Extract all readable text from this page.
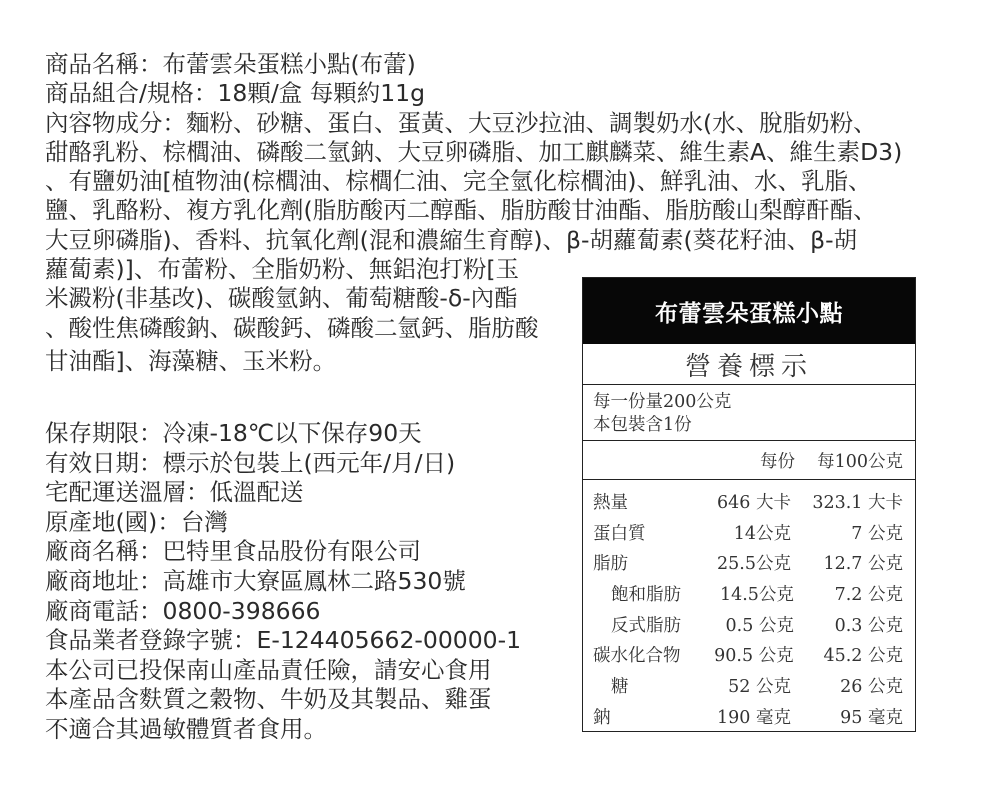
商品名稱：布蕾雲朵蛋糕小點(布蕾)
商品組合/規格：18顆/盒 每顆約11g
內容物成分：麵粉、砂糖、蛋白、蛋黃、大豆沙拉油、調製奶水(水、脫脂奶粉、
甜酪乳粉、棕櫚油、磷酸二氫鈉、大豆卵磷脂、加工麒麟菜、維生素A、維生素D3)
、有鹽奶油[植物油(棕櫚油、棕櫚仁油、完全氫化棕櫚油)、鮮乳油、水、乳脂、
鹽、乳酪粉、複方乳化劑(脂肪酸丙二醇酯、脂肪酸甘油酯、脂肪酸山梨醇酐酯、
大豆卵磷脂)、香料、抗氧化劑(混和濃縮生育醇)、β-胡蘿蔔素(葵花籽油、β-胡
蘿蔔素)]、布蕾粉、全脂奶粉、無鋁泡打粉[玉
米澱粉(非基改)、碳酸氫鈉、葡萄糖酸-δ-內酯
、酸性焦磷酸鈉、碳酸鈣、磷酸二氫鈣、脂肪酸
甘油酯]、海藻糖、玉米粉。
保存期限：冷凍-18℃以下保存90天
有效日期：標示於包裝上(西元年/月/日)
宅配運送溫層：低溫配送
原產地(國)：台灣
廠商名稱：巴特里食品股份有限公司
廠商地址：高雄市大寮區鳳林二路530號
廠商電話：0800-398666
食品業者登錄字號：E-124405662-00000-1
本公司已投保南山產品責任險，請安心食用
本產品含麩質之穀物、牛奶及其製品、雞蛋
不適合其過敏體質者食用。
布蕾雲朵蛋糕小點
營養標示
每一份量200公克
本包裝含1份
每份	每100公克
熱量	646 大卡	323.1 大卡
蛋白質	14公克	7 公克
脂肪	25.5公克	12.7 公克
飽和脂肪	14.5公克	7.2 公克
反式脂肪	0.5 公克	0.3 公克
碳水化合物	90.5 公克	45.2 公克
糖	52 公克	26 公克
鈉	190 毫克	95 毫克
